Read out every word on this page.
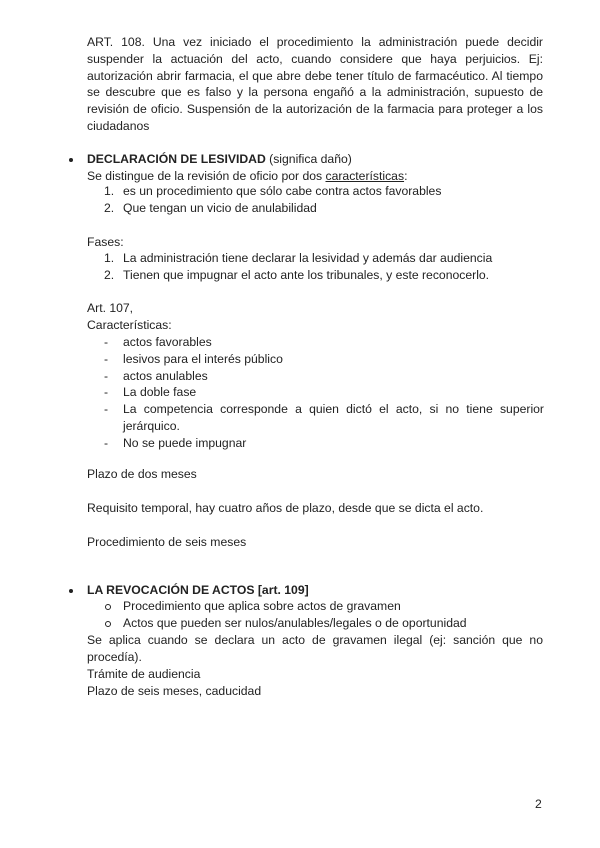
ART. 108. Una vez iniciado el procedimiento la administración puede decidir suspender la actuación del acto, cuando considere que haya perjuicios. Ej: autorización abrir farmacia, el que abre debe tener título de farmacéutico. Al tiempo se descubre que es falso y la persona engañó a la administración, supuesto de revisión de oficio. Suspensión de la autorización de la farmacia para proteger a los ciudadanos
DECLARACIÓN DE LESIVIDAD (significa daño)
Se distingue de la revisión de oficio por dos características:
1. es un procedimiento que sólo cabe contra actos favorables
2. Que tengan un vicio de anulabilidad
Fases:
1. La administración tiene declarar la lesividad y además dar audiencia
2. Tienen que impugnar el acto ante los tribunales, y este reconocerlo.
Art. 107,
Características:
- actos favorables
- lesivos para el interés público
- actos anulables
- La doble fase
- La competencia corresponde a quien dictó el acto, si no tiene superior jerárquico.
- No se puede impugnar
Plazo de dos meses
Requisito temporal, hay cuatro años de plazo, desde que se dicta el acto.
Procedimiento de seis meses
LA REVOCACIÓN DE ACTOS [art. 109]
Procedimiento que aplica sobre actos de gravamen
Actos que pueden ser nulos/anulables/legales o de oportunidad
Se aplica cuando se declara un acto de gravamen ilegal (ej: sanción que no procedía).
Trámite de audiencia
Plazo de seis meses, caducidad
2
